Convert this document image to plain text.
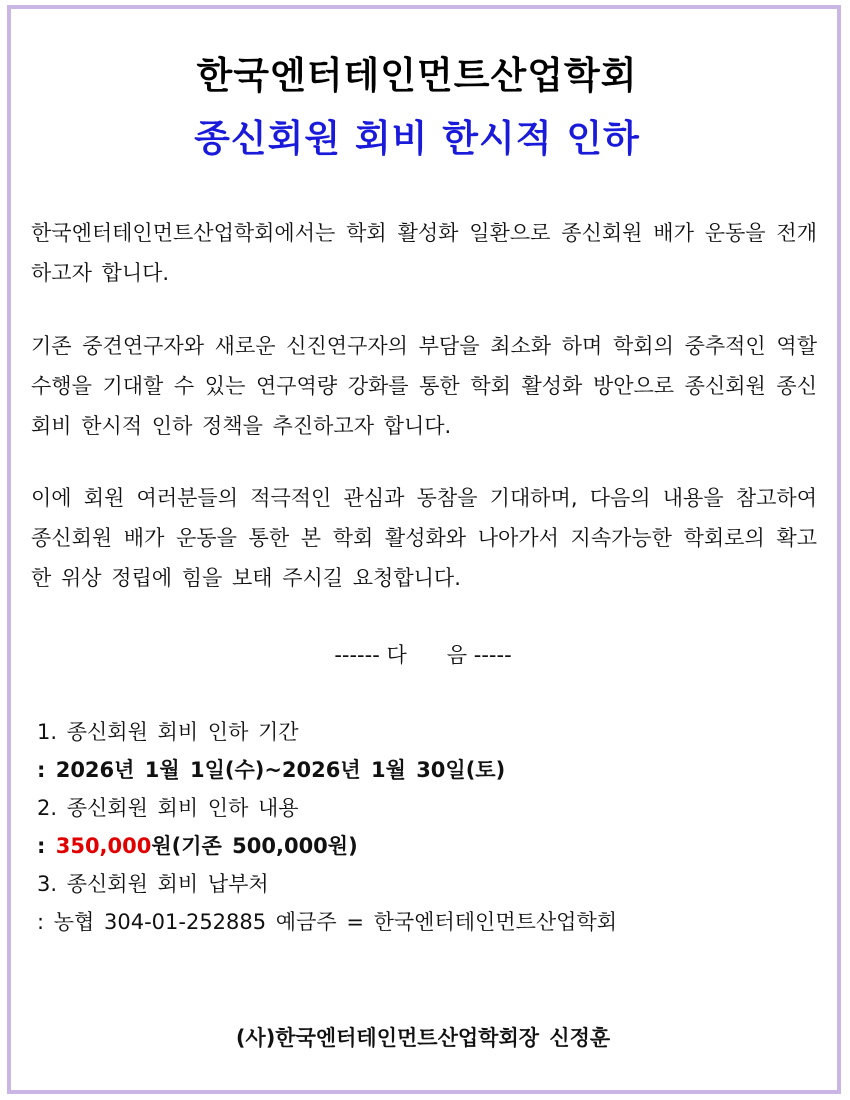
한국엔터테인먼트산업학회
종신회원 회비 한시적 인하
한국엔터테인먼트산업학회에서는 학회 활성화 일환으로 종신회원 배가 운동을 전개하고자 합니다.
기존 중견연구자와 새로운 신진연구자의 부담을 최소화 하며 학회의 중추적인 역할수행을 기대할 수 있는 연구역량 강화를 통한 학회 활성화 방안으로 종신회원 종신회비 한시적 인하 정책을 추진하고자 합니다.
이에 회원 여러분들의 적극적인 관심과 동참을 기대하며, 다음의 내용을 참고하여 종신회원 배가 운동을 통한 본 학회 활성화와 나아가서 지속가능한 학회로의 확고한 위상 정립에 힘을 보태 주시길 요청합니다.
------ 다      음 -----
1. 종신회원 회비 인하 기간
: 2026년 1월 1일(수)~2026년 1월 30일(토)
2. 종신회원 회비 인하 내용
: 350,000원(기존 500,000원)
3. 종신회원 회비 납부처
: 농협 304-01-252885 예금주 = 한국엔터테인먼트산업학회
(사)한국엔터테인먼트산업학회장 신정훈
